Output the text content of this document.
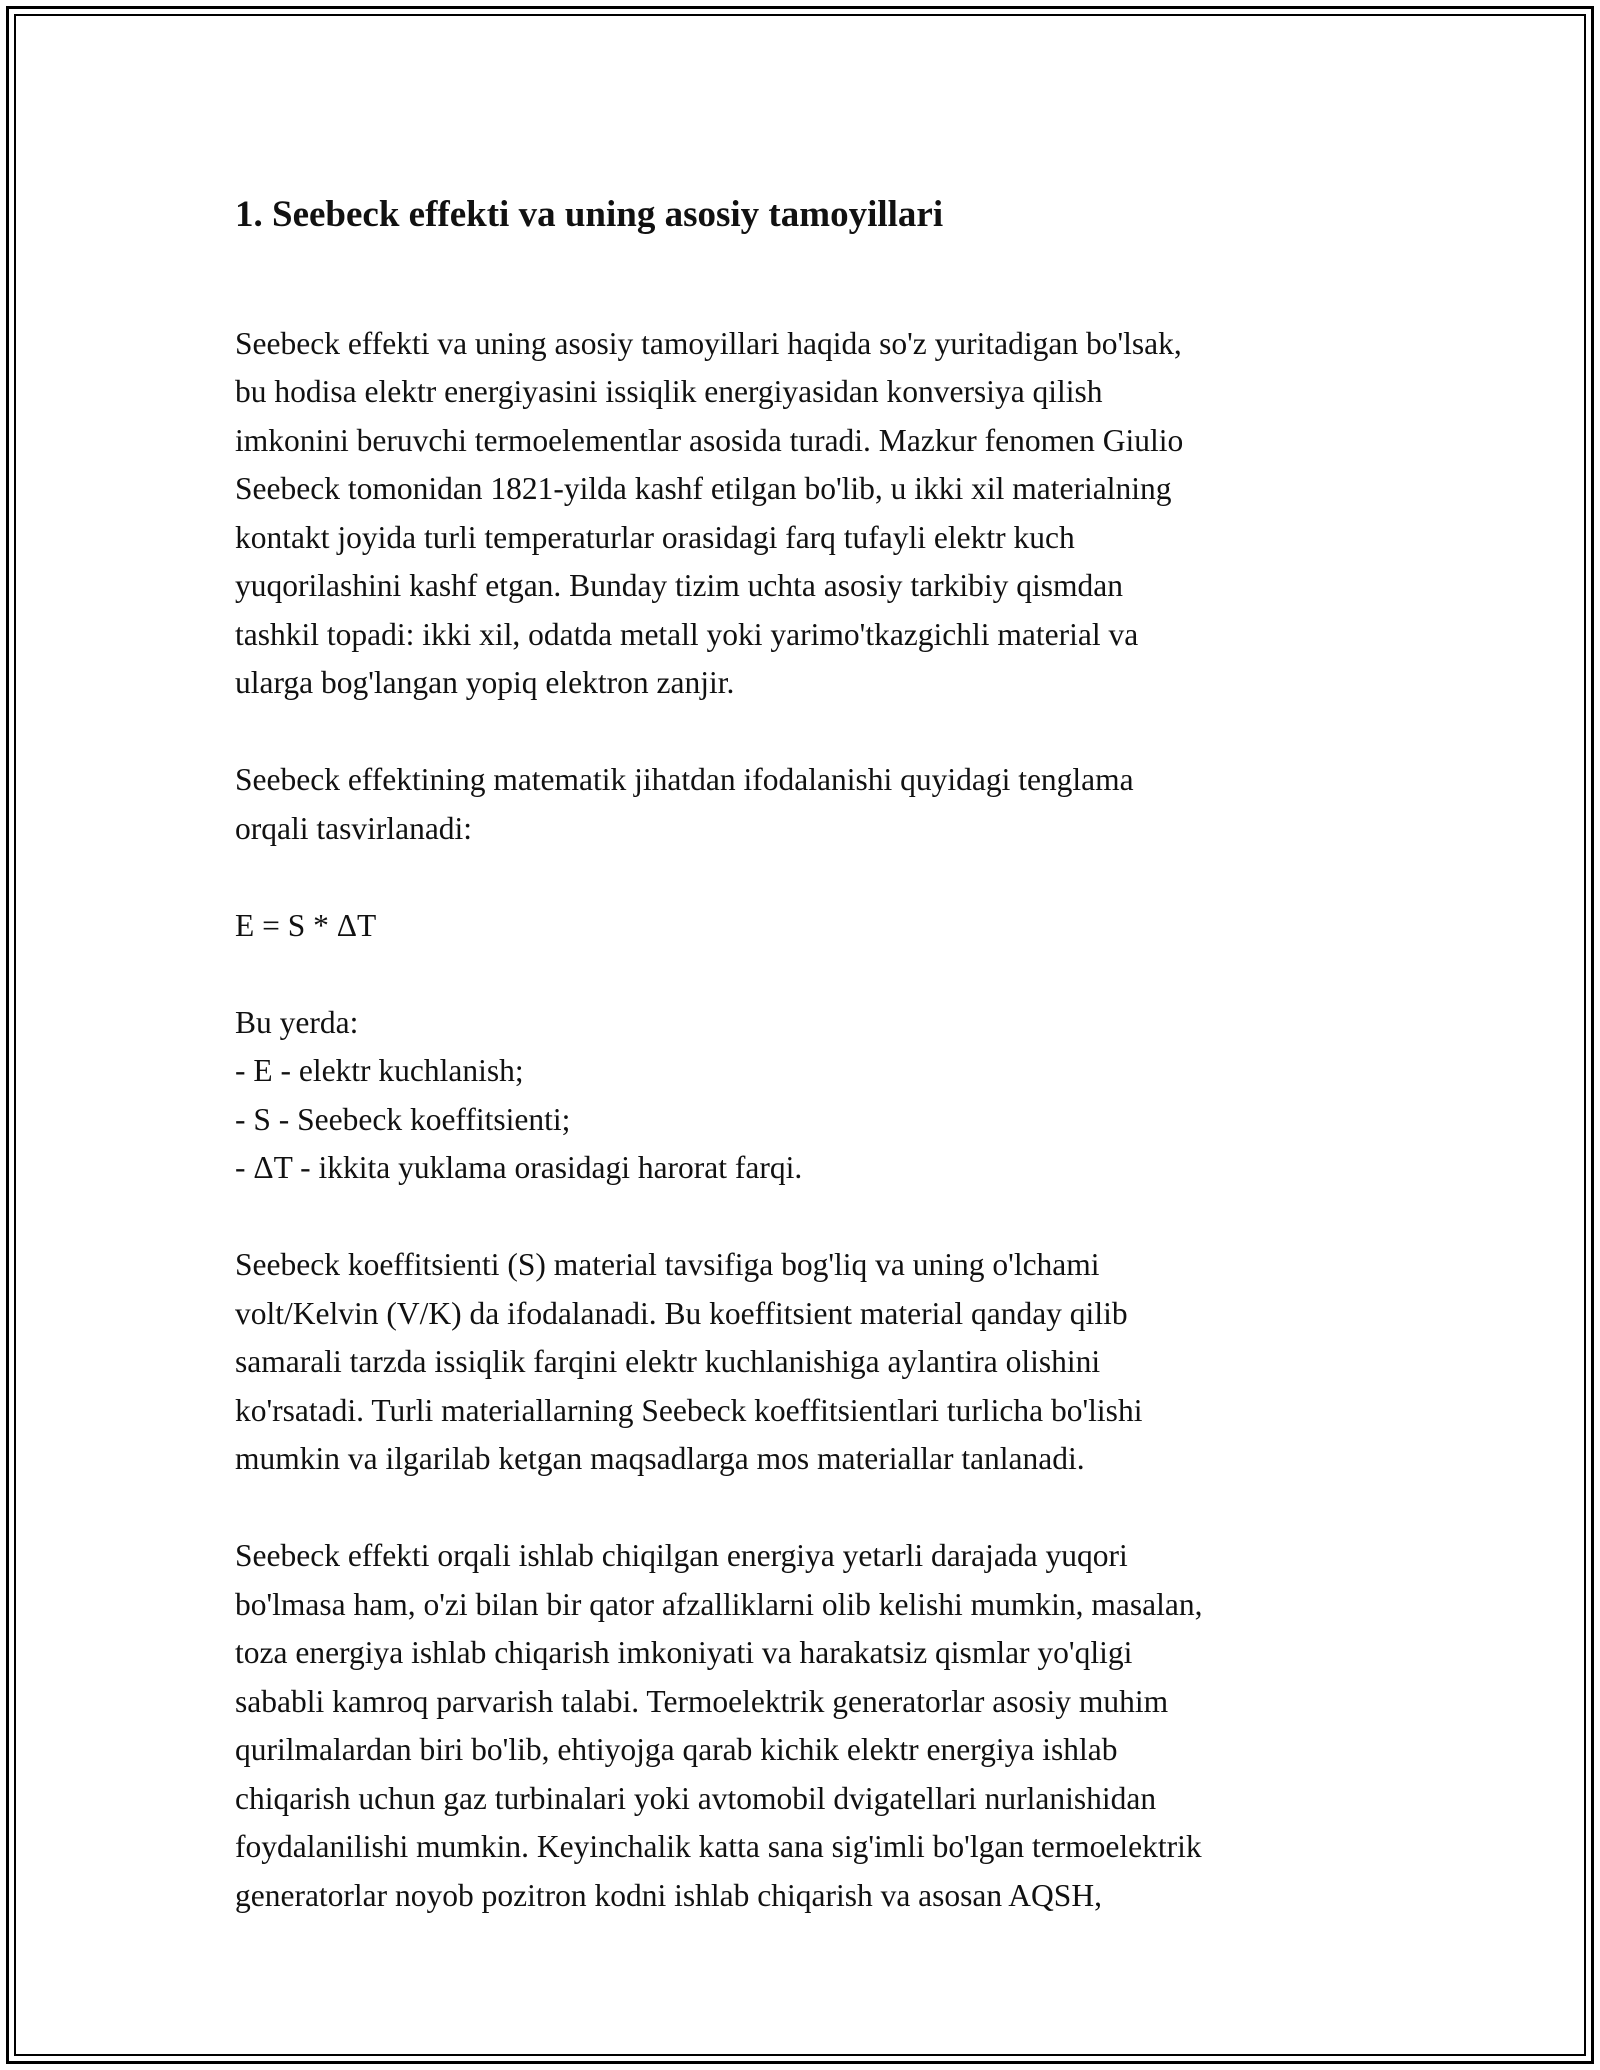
1. Seebeck effekti va uning asosiy tamoyillari

Seebeck effekti va uning asosiy tamoyillari haqida so'z yuritadigan bo'lsak,
bu hodisa elektr energiyasini issiqlik energiyasidan konversiya qilish
imkonini beruvchi termoelementlar asosida turadi. Mazkur fenomen Giulio
Seebeck tomonidan 1821-yilda kashf etilgan bo'lib, u ikki xil materialning
kontakt joyida turli temperaturlar orasidagi farq tufayli elektr kuch
yuqorilashini kashf etgan. Bunday tizim uchta asosiy tarkibiy qismdan
tashkil topadi: ikki xil, odatda metall yoki yarimo'tkazgichli material va
ularga bog'langan yopiq elektron zanjir.

Seebeck effektining matematik jihatdan ifodalanishi quyidagi tenglama
orqali tasvirlanadi:

E = S * ΔT

Bu yerda:
- E - elektr kuchlanish;
- S - Seebeck koeffitsienti;
- ΔT - ikkita yuklama orasidagi harorat farqi.

Seebeck koeffitsienti (S) material tavsifiga bog'liq va uning o'lchami
volt/Kelvin (V/K) da ifodalanadi. Bu koeffitsient material qanday qilib
samarali tarzda issiqlik farqini elektr kuchlanishiga aylantira olishini
ko'rsatadi. Turli materiallarning Seebeck koeffitsientlari turlicha bo'lishi
mumkin va ilgarilab ketgan maqsadlarga mos materiallar tanlanadi.

Seebeck effekti orqali ishlab chiqilgan energiya yetarli darajada yuqori
bo'lmasa ham, o'zi bilan bir qator afzalliklarni olib kelishi mumkin, masalan,
toza energiya ishlab chiqarish imkoniyati va harakatsiz qismlar yo'qligi
sababli kamroq parvarish talabi. Termoelektrik generatorlar asosiy muhim
qurilmalardan biri bo'lib, ehtiyojga qarab kichik elektr energiya ishlab
chiqarish uchun gaz turbinalari yoki avtomobil dvigatellari nurlanishidan
foydalanilishi mumkin. Keyinchalik katta sana sig'imli bo'lgan termoelektrik
generatorlar noyob pozitron kodni ishlab chiqarish va asosan AQSH,
